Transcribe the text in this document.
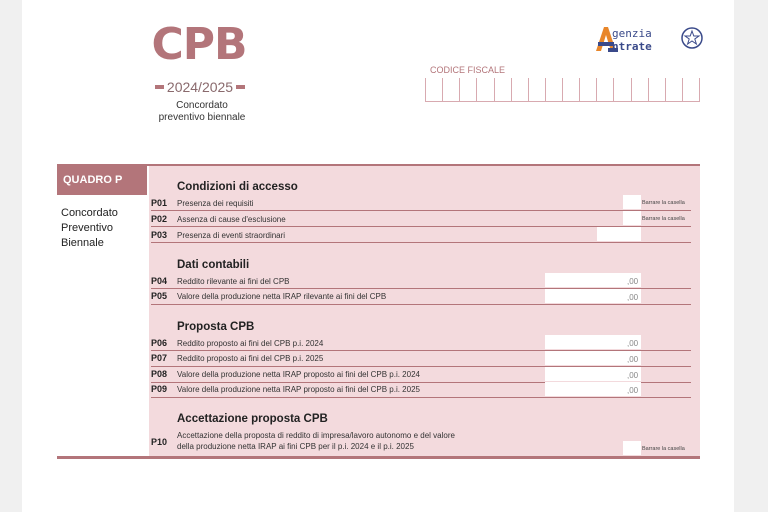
CPB
2024/2025
Concordato
preventivo biennale
genzia
ntrate
CODICE FISCALE
QUADRO P
Concordato
Preventivo
Biennale
Condizioni di accesso
P01 Presenza dei requisiti	Barrare la casella
P02 Assenza di cause d'esclusione	Barrare la casella
P03 Presenza di eventi straordinari
Dati contabili
P04 Reddito rilevante ai fini del CPB	,00
P05 Valore della produzione netta IRAP rilevante ai fini del CPB	,00
Proposta CPB
P06 Reddito proposto ai fini del CPB p.i. 2024	,00
P07 Reddito proposto ai fini del CPB p.i. 2025	,00
P08 Valore della produzione netta IRAP proposto ai fini del CPB p.i. 2024	,00
P09 Valore della produzione netta IRAP proposto ai fini del CPB p.i. 2025	,00
Accettazione proposta CPB
P10
Accettazione della proposta di reddito di impresa/lavoro autonomo e del valore
della produzione netta IRAP ai fini CPB per il p.i. 2024 e il p.i. 2025	Barrare la casella
